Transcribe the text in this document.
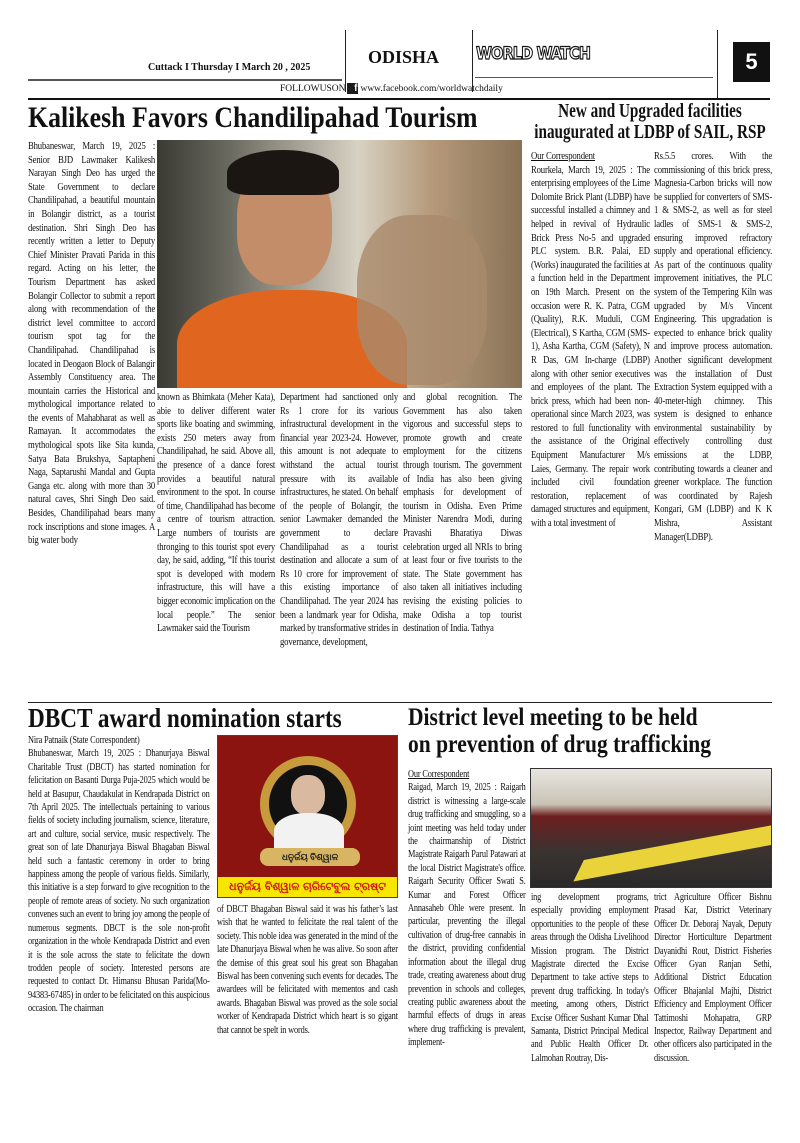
Cuttack I Thursday I March 20 , 2025
ODISHA WORLD WATCH	5
FOLLOWUSON f www.facebook.com/worldwatchdaily
Kalikesh Favors Chandilipahad Tourism
Bhubaneswar, March 19, 2025 : Senior BJD Lawmaker Kalikesh Narayan Singh Deo has urged the State Government to declare Chandilipahad, a beautiful mountain in Bolangir district, as a tourist destination. Shri Singh Deo has recently written a letter to Deputy Chief Minister Pravati Parida in this regard. Acting on his letter, the Tourism Department has asked Bolangir Collector to submit a report along with recommendation of the district level committee to accord tourism spot tag for the Chandilipahad. Chandilipahad is located in Deogaon Block of Balangir Assembly Constituency area. The mountain carries the Historical and mythological importance related to the events of Mahabharat as well as Ramayan. It accommodates the mythological spots like Sita kunda, Satya Bata Brukshya, Saptapheni Naga, Saptarushi Mandal and Gupta Ganga etc. along with more than 30 natural caves, Shri Singh Deo said. Besides, Chandilipahad bears many rock inscriptions and stone images. A big water body
known as Bhimkata (Meher Kata), abie to deliver different water sports like boating and swimming, exists 250 meters away from Chandilipahad, he said. Above all, the presence of a dance forest provides a beautiful natural environment to the spot. In course of time, Chandilipahad has become a centre of tourism attraction. Large numbers of tourists are thronging to this tourist spot every day, he said, adding, “If this tourist spot is developed with modern infrastructure, this will have a bigger economic implication on the local people.” The senior Lawmaker said the Tourism
Department had sanctioned only Rs 1 crore for its various infrastructural development in the financial year 2023-24. However, this amount is not adequate to withstand the actual tourist pressure with its available infrastructures, he stated. On behalf of the people of Bolangir, the senior Lawmaker demanded the government to declare Chandilipahad as a tourist destination and allocate a sum of Rs 10 crore for improvement of this existing importance of Chandilipahad. The year 2024 has been a landmark year for Odisha, marked by transformative strides in governance, development,
and global recognition. The Government has also taken vigorous and successful steps to promote growth and create employment for the citizens through tourism. The government of India has also been giving emphasis for development of tourism in Odisha. Even Prime Minister Narendra Modi, during Pravashi Bharatiya Diwas celebration urged all NRIs to bring at least four or five tourists to the state. The State government has also taken all initiatives including revising the existing policies to make Odisha a top tourist destination of India. Tathya
New and Upgraded facilities
inaugurated at LDBP of SAIL, RSP
Our Correspondent
Rourkela, March 19, 2025 : The enterprising employees of the Lime Dolomite Brick Plant (LDBP) have successful installed a chimney and helped in revival of Hydraulic Brick Press No-5 and upgraded PLC system. B.R. Palai, ED (Works) inaugurated the facilities at a function held in the Department on 19th March. Present on the occasion were R. K. Patra, CGM (Quality), R.K. Muduli, CGM (Electrical), S Kartha, CGM (SMS-1), Asha Kartha, CGM (Safety), N R Das, GM In-charge (LDBP) along with other senior executives and employees of the plant. The brick press, which had been non-operational since March 2023, was restored to full functionality with the assistance of the Original Equipment Manufacturer M/s Laies, Germany. The repair work included civil foundation restoration, replacement of damaged structures and equipment, with a total investment of
Rs.5.5 crores. With the commissioning of this brick press, Magnesia-Carbon bricks will now be supplied for converters of SMS-1 & SMS-2, as well as for steel ladles of SMS-1 & SMS-2, ensuring improved refractory supply and operational efficiency. As part of the continuous quality improvement initiatives, the PLC system of the Tempering Kiln was upgraded by M/s Vincent Engineering. This upgradation is expected to enhance brick quality and improve process automation. Another significant development was the installation of Dust Extraction System equipped with a 40-meter-high chimney. This system is designed to enhance environmental sustainability by effectively controlling dust emissions at the LDBP, contributing towards a cleaner and greener workplace. The function was coordinated by Rajesh Kongari, GM (LDBP) and K K Mishra, Assistant Manager(LDBP).
DBCT award nomination starts
Nira Patnaik (State Correspondent)
Bhubaneswar, March 19, 2025 : Dhanurjaya Biswal Charitable Trust (DBCT) has started nomination for felicitation on Basanti Durga Puja-2025 which would be held at Basupur, Chaudakulat in Kendrapada District on 7th April 2025. The intellectuals pertaining to various fields of society including journalism, science, literature, art and culture, social service, music respectively. The great son of late Dhanurjaya Biswal Bhagaban Biswal held such a fantastic ceremony in order to bring happiness among the people of various fields. Similarly, this initiative is a step forward to give recognition to the people of remote areas of society. No such organization convenes such an event to bring joy among the people of numerous segments. DBCT is the sole non-profit organization in the whole Kendrapada District and even it is the sole across the state to felicitate the down trodden people of society. Interested persons are requested to contact Dr. Himansu Bhusan Parida(Mo-94383-67485) in order to be felicitated on this auspicious occasion. The chairman
ଧନୁର୍ଜୟ ବିଶ୍ୱାଳ
ଧନୁର୍ଜୟ ବିଶ୍ୱାଳ ଚାରିଟେବୁଲ ଟ୍ରଷ୍ଟ
of DBCT Bhagaban Biswal said it was his father’s last wish that he wanted to felicitate the real talent of the society. This noble idea was generated in the mind of the late Dhanurjaya Biswal when he was alive. So soon after the demise of this great soul his great son Bhagaban Biswal has been convening such events for decades. The awardees will be felicitated with mementos and cash awards. Bhagaban Biswal was proved as the sole social worker of Kendrapada District which heart is so gigant that cannot be spelt in words.
District level meeting to be held
on prevention of drug trafficking
Our Correspondent
Raigad, March 19, 2025 : Raigarh district is witnessing a large-scale drug trafficking and smuggling, so a joint meeting was held today under the chairmanship of District Magistrate Raigarh Parul Patawari at the local District Magistrate's office. Raigarh Security Officer Swati S. Kumar and Forest Officer Annasaheb Ohle were present. In particular, preventing the illegal cultivation of drug-free cannabis in the district, providing confidential information about the illegal drug trade, creating awareness about drug prevention in schools and colleges, creating public awareness about the harmful effects of drugs in areas where drug trafficking is prevalent, implement-
ing development programs, especially providing employment opportunities to the people of these areas through the Odisha Livelihood Mission program. The District Magistrate directed the Excise Department to take active steps to prevent drug trafficking. In today's meeting, among others, District Excise Officer Sushant Kumar Dhal Samanta, District Principal Medical and Public Health Officer Dr. Lalmohan Routray, Dis-
trict Agriculture Officer Bishnu Prasad Kar, District Veterinary Officer Dr. Deboraj Nayak, Deputy Director Horticulture Department Dayanidhi Rout, District Fisheries Officer Gyan Ranjan Sethi, Additional District Education Officer Bhajanlal Majhi, District Efficiency and Employment Officer Tattimoshi Mohapatra, GRP Inspector, Railway Department and other officers also participated in the discussion.
